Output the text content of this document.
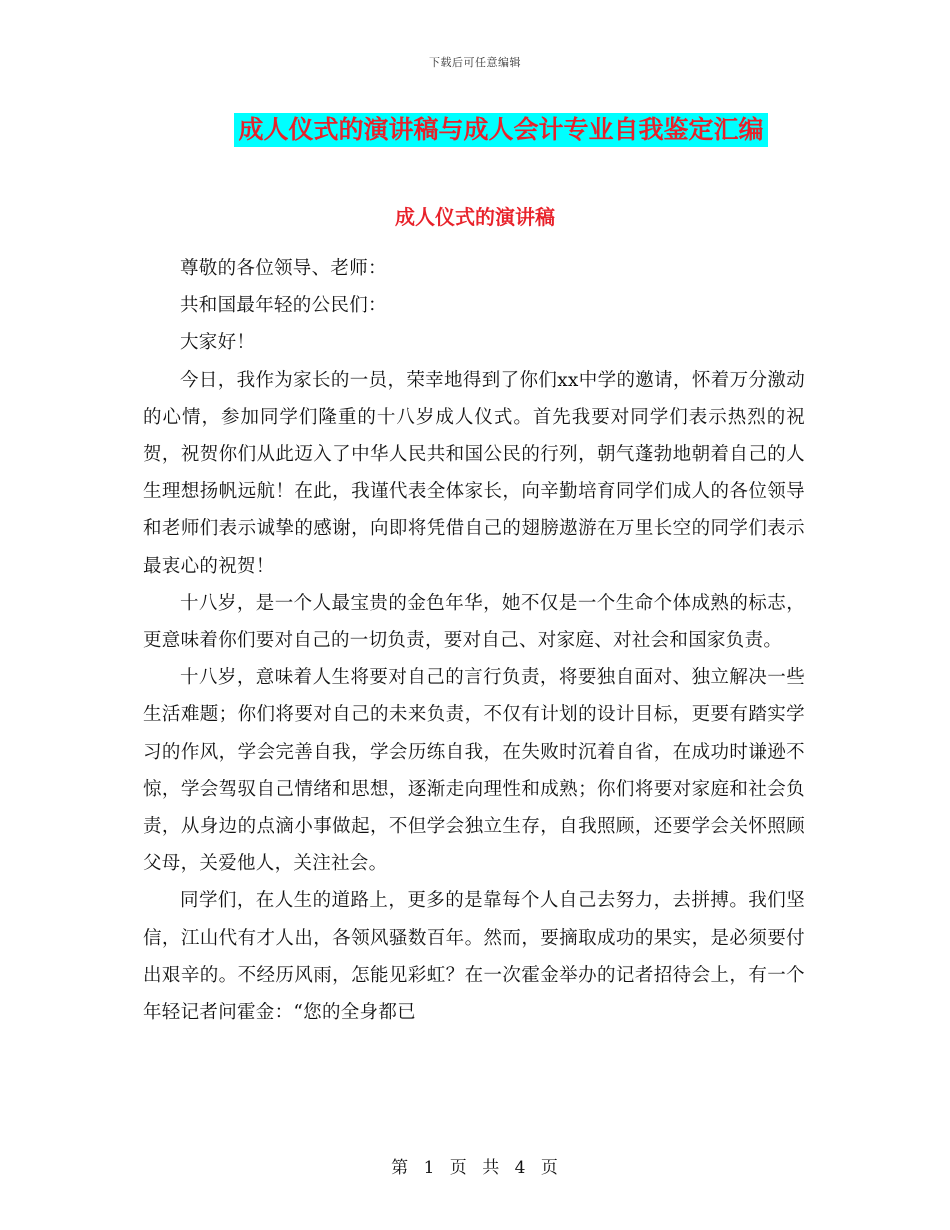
下载后可任意编辑
成人仪式的演讲稿与成人会计专业自我鉴定汇编
成人仪式的演讲稿

尊敬的各位领导、老师：

共和国最年轻的公民们：

大家好！

今日，我作为家长的一员，荣幸地得到了你们xx中学的邀请，怀着万分激动的心情，参加同学们隆重的十八岁成人仪式。首先我要对同学们表示热烈的祝贺，祝贺你们从此迈入了中华人民共和国公民的行列，朝气蓬勃地朝着自己的人生理想扬帆远航！在此，我谨代表全体家长，向辛勤培育同学们成人的各位领导和老师们表示诚挚的感谢，向即将凭借自己的翅膀遨游在万里长空的同学们表示最衷心的祝贺！

十八岁，是一个人最宝贵的金色年华，她不仅是一个生命个体成熟的标志，更意味着你们要对自己的一切负责，要对自己、对家庭、对社会和国家负责。

十八岁，意味着人生将要对自己的言行负责，将要独自面对、独立解决一些生活难题；你们将要对自己的未来负责，不仅有计划的设计目标，更要有踏实学习的作风，学会完善自我，学会历练自我，在失败时沉着自省，在成功时谦逊不惊，学会驾驭自己情绪和思想，逐渐走向理性和成熟；你们将要对家庭和社会负责，从身边的点滴小事做起，不但学会独立生存，自我照顾，还要学会关怀照顾父母，关爱他人，关注社会。

同学们，在人生的道路上，更多的是靠每个人自己去努力，去拼搏。我们坚信，江山代有才人出，各领风骚数百年。然而，要摘取成功的果实，是必须要付出艰辛的。不经历风雨，怎能见彩虹？在一次霍金举办的记者招待会上，有一个年轻记者问霍金：“您的全身都已

第 1 页 共 4 页
